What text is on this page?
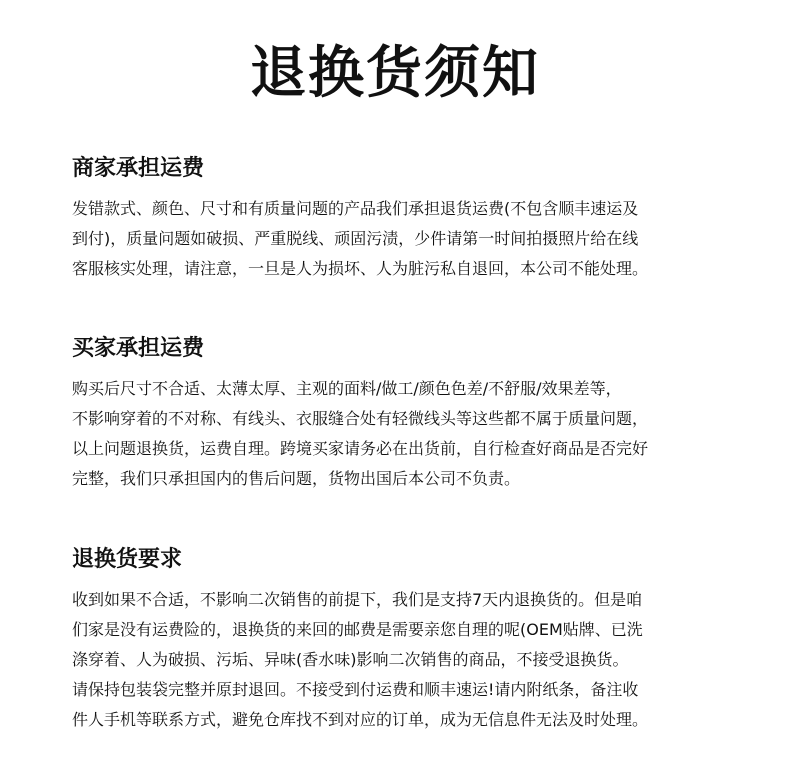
退换货须知
商家承担运费
发错款式、颜色、尺寸和有质量问题的产品我们承担退货运费(不包含顺丰速运及
到付)，质量问题如破损、严重脱线、顽固污渍，少件请第一时间拍摄照片给在线
客服核实处理，请注意，一旦是人为损坏、人为脏污私自退回，本公司不能处理。
买家承担运费
购买后尺寸不合适、太薄太厚、主观的面料/做工/颜色色差/不舒服/效果差等，
不影响穿着的不对称、有线头、衣服缝合处有轻微线头等这些都不属于质量问题，
以上问题退换货，运费自理。跨境买家请务必在出货前，自行检查好商品是否完好
完整，我们只承担国内的售后问题，货物出国后本公司不负责。
退换货要求
收到如果不合适，不影响二次销售的前提下，我们是支持7天内退换货的。但是咱
们家是没有运费险的，退换货的来回的邮费是需要亲您自理的呢(OEM贴牌、已洗
涤穿着、人为破损、污垢、异味(香水味)影响二次销售的商品，不接受退换货。
请保持包装袋完整并原封退回。不接受到付运费和顺丰速运!请内附纸条，备注收
件人手机等联系方式，避免仓库找不到对应的订单，成为无信息件无法及时处理。
